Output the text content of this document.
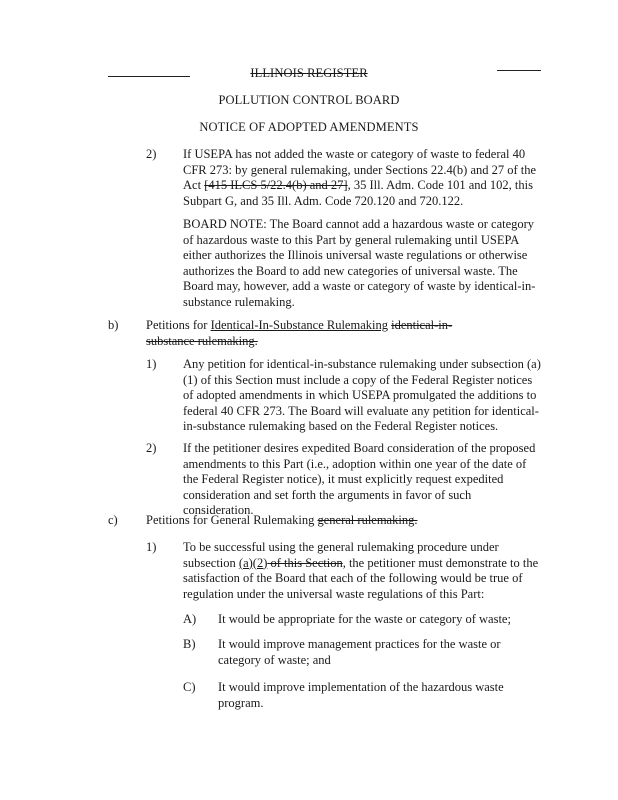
ILLINOIS REGISTER
POLLUTION CONTROL BOARD
NOTICE OF ADOPTED AMENDMENTS
2) If USEPA has not added the waste or category of waste to federal 40 CFR 273: by general rulemaking, under Sections 22.4(b) and 27 of the Act [415 ILCS 5/22.4(b) and 27], 35 Ill. Adm. Code 101 and 102, this Subpart G, and 35 Ill. Adm. Code 720.120 and 720.122.

BOARD NOTE: The Board cannot add a hazardous waste or category of hazardous waste to this Part by general rulemaking until USEPA either authorizes the Illinois universal waste regulations or otherwise authorizes the Board to add new categories of universal waste. The Board may, however, add a waste or category of waste by identical-in-substance rulemaking.

b) Petitions for Identical-In-Substance Rulemaking identical-in-substance rulemaking.

1) Any petition for identical-in-substance rulemaking under subsection (a)(1) of this Section must include a copy of the Federal Register notices of adopted amendments in which USEPA promulgated the additions to federal 40 CFR 273. The Board will evaluate any petition for identical-in-substance rulemaking based on the Federal Register notices.

2) If the petitioner desires expedited Board consideration of the proposed amendments to this Part (i.e., adoption within one year of the date of the Federal Register notice), it must explicitly request expedited consideration and set forth the arguments in favor of such consideration.

c) Petitions for General Rulemaking general rulemaking.

1) To be successful using the general rulemaking procedure under subsection (a)(2) of this Section, the petitioner must demonstrate to the satisfaction of the Board that each of the following would be true of regulation under the universal waste regulations of this Part:

A) It would be appropriate for the waste or category of waste;

B) It would improve management practices for the waste or category of waste; and

C) It would improve implementation of the hazardous waste program.
